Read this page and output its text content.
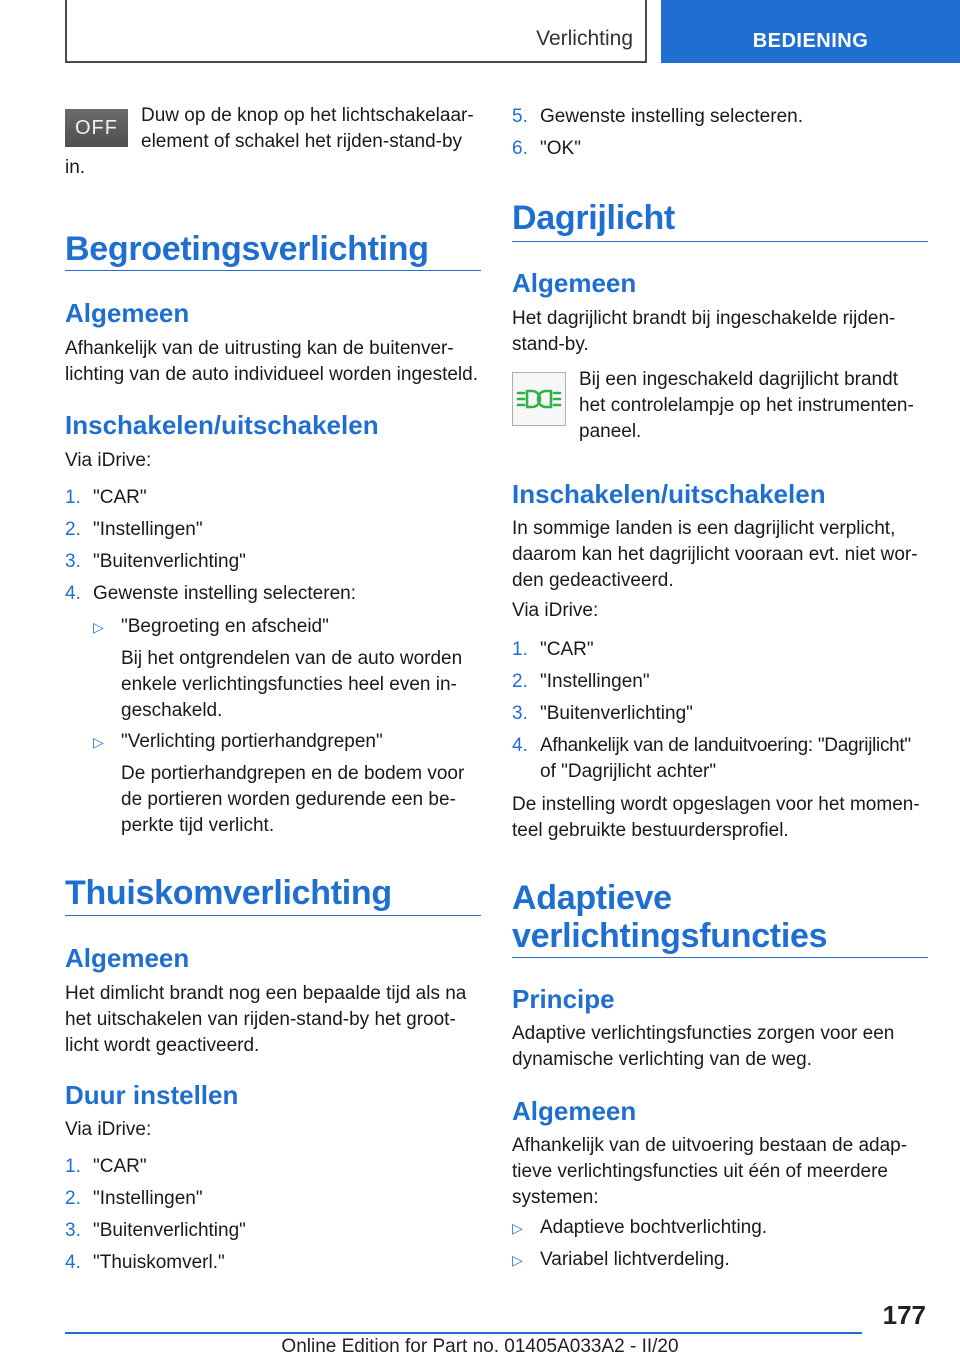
Verlichting	BEDIENING
OFF
Duw op de knop op het lichtschakelaar-
element of schakel het rijden-stand-by
in.
Begroetingsverlichting
Algemeen
Afhankelijk van de uitrusting kan de buitenver-
lichting van de auto individueel worden ingesteld.
Inschakelen/uitschakelen
Via iDrive:
1. "CAR"
2. "Instellingen"
3. "Buitenverlichting"
4. Gewenste instelling selecteren:
▷ "Begroeting en afscheid"
Bij het ontgrendelen van de auto worden
enkele verlichtingsfuncties heel even in-
geschakeld.
▷ "Verlichting portierhandgrepen"
De portierhandgrepen en de bodem voor
de portieren worden gedurende een be-
perkte tijd verlicht.
Thuiskomverlichting
Algemeen
Het dimlicht brandt nog een bepaalde tijd als na
het uitschakelen van rijden-stand-by het groot-
licht wordt geactiveerd.
Duur instellen
Via iDrive:
1. "CAR"
2. "Instellingen"
3. "Buitenverlichting"
4. "Thuiskomverl."
5. Gewenste instelling selecteren.
6. "OK"
Dagrijlicht
Algemeen
Het dagrijlicht brandt bij ingeschakelde rijden-
stand-by.
Bij een ingeschakeld dagrijlicht brandt
het controlelampje op het instrumenten-
paneel.
Inschakelen/uitschakelen
In sommige landen is een dagrijlicht verplicht,
daarom kan het dagrijlicht vooraan evt. niet wor-
den gedeactiveerd.
Via iDrive:
1. "CAR"
2. "Instellingen"
3. "Buitenverlichting"
4. Afhankelijk van de landuitvoering: "Dagrijlicht"
of "Dagrijlicht achter"
De instelling wordt opgeslagen voor het momen-
teel gebruikte bestuurdersprofiel.
Adaptieve
verlichtingsfuncties
Principe
Adaptive verlichtingsfuncties zorgen voor een
dynamische verlichting van de weg.
Algemeen
Afhankelijk van de uitvoering bestaan de adap-
tieve verlichtingsfuncties uit één of meerdere
systemen:
▷ Adaptieve bochtverlichting.
▷ Variabel lichtverdeling.
177
Online Edition for Part no. 01405A033A2 - II/20
